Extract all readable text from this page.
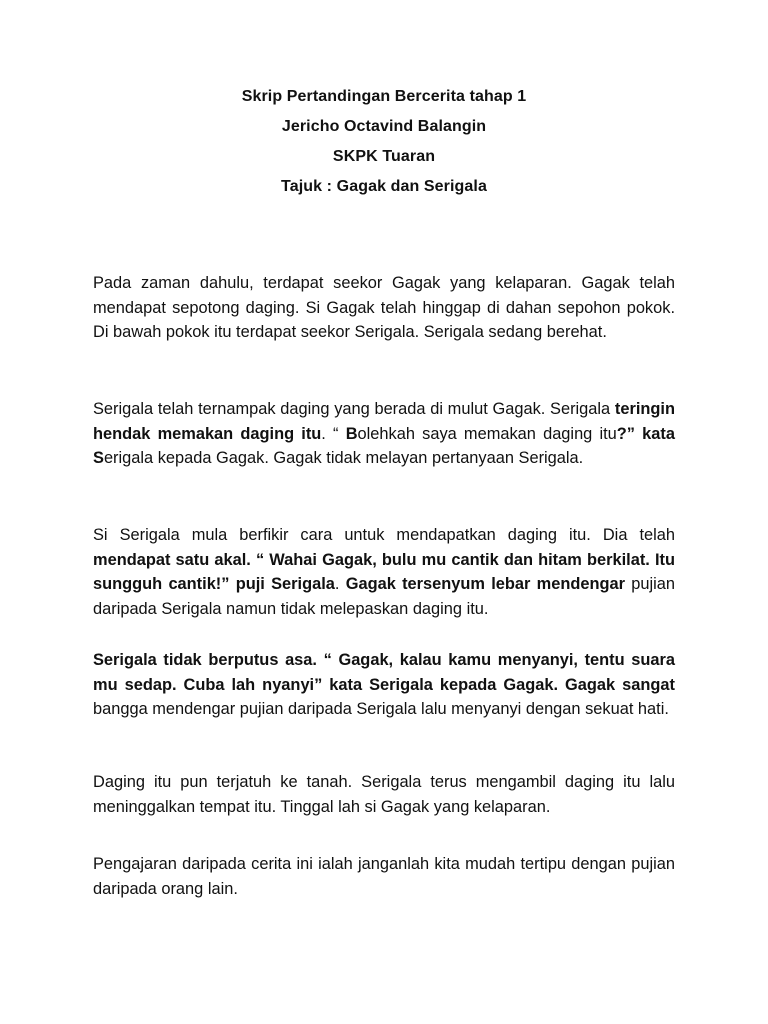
Skrip Pertandingan Bercerita tahap 1
Jericho Octavind Balangin
SKPK Tuaran
Tajuk : Gagak dan Serigala

Pada zaman dahulu, terdapat seekor Gagak yang kelaparan. Gagak telah mendapat sepotong daging. Si Gagak telah hinggap di dahan sepohon pokok. Di bawah pokok itu terdapat seekor Serigala. Serigala sedang berehat.

Serigala telah ternampak daging yang berada di mulut Gagak. Serigala teringin hendak memakan daging itu. “ Bolehkah saya memakan daging itu?” kata Serigala kepada Gagak. Gagak tidak melayan pertanyaan Serigala.

Si Serigala mula berfikir cara untuk mendapatkan daging itu. Dia telah mendapat satu akal. “ Wahai Gagak, bulu mu cantik dan hitam berkilat. Itu sungguh cantik!” puji Serigala. Gagak tersenyum lebar mendengar pujian daripada Serigala namun tidak melepaskan daging itu.

Serigala tidak berputus asa. “ Gagak, kalau kamu menyanyi, tentu suara mu sedap. Cuba lah nyanyi” kata Serigala kepada Gagak. Gagak sangat bangga mendengar pujian daripada Serigala lalu menyanyi dengan sekuat hati.

Daging itu pun terjatuh ke tanah. Serigala terus mengambil daging itu lalu meninggalkan tempat itu. Tinggal lah si Gagak yang kelaparan.

Pengajaran daripada cerita ini ialah janganlah kita mudah tertipu dengan pujian daripada orang lain.
